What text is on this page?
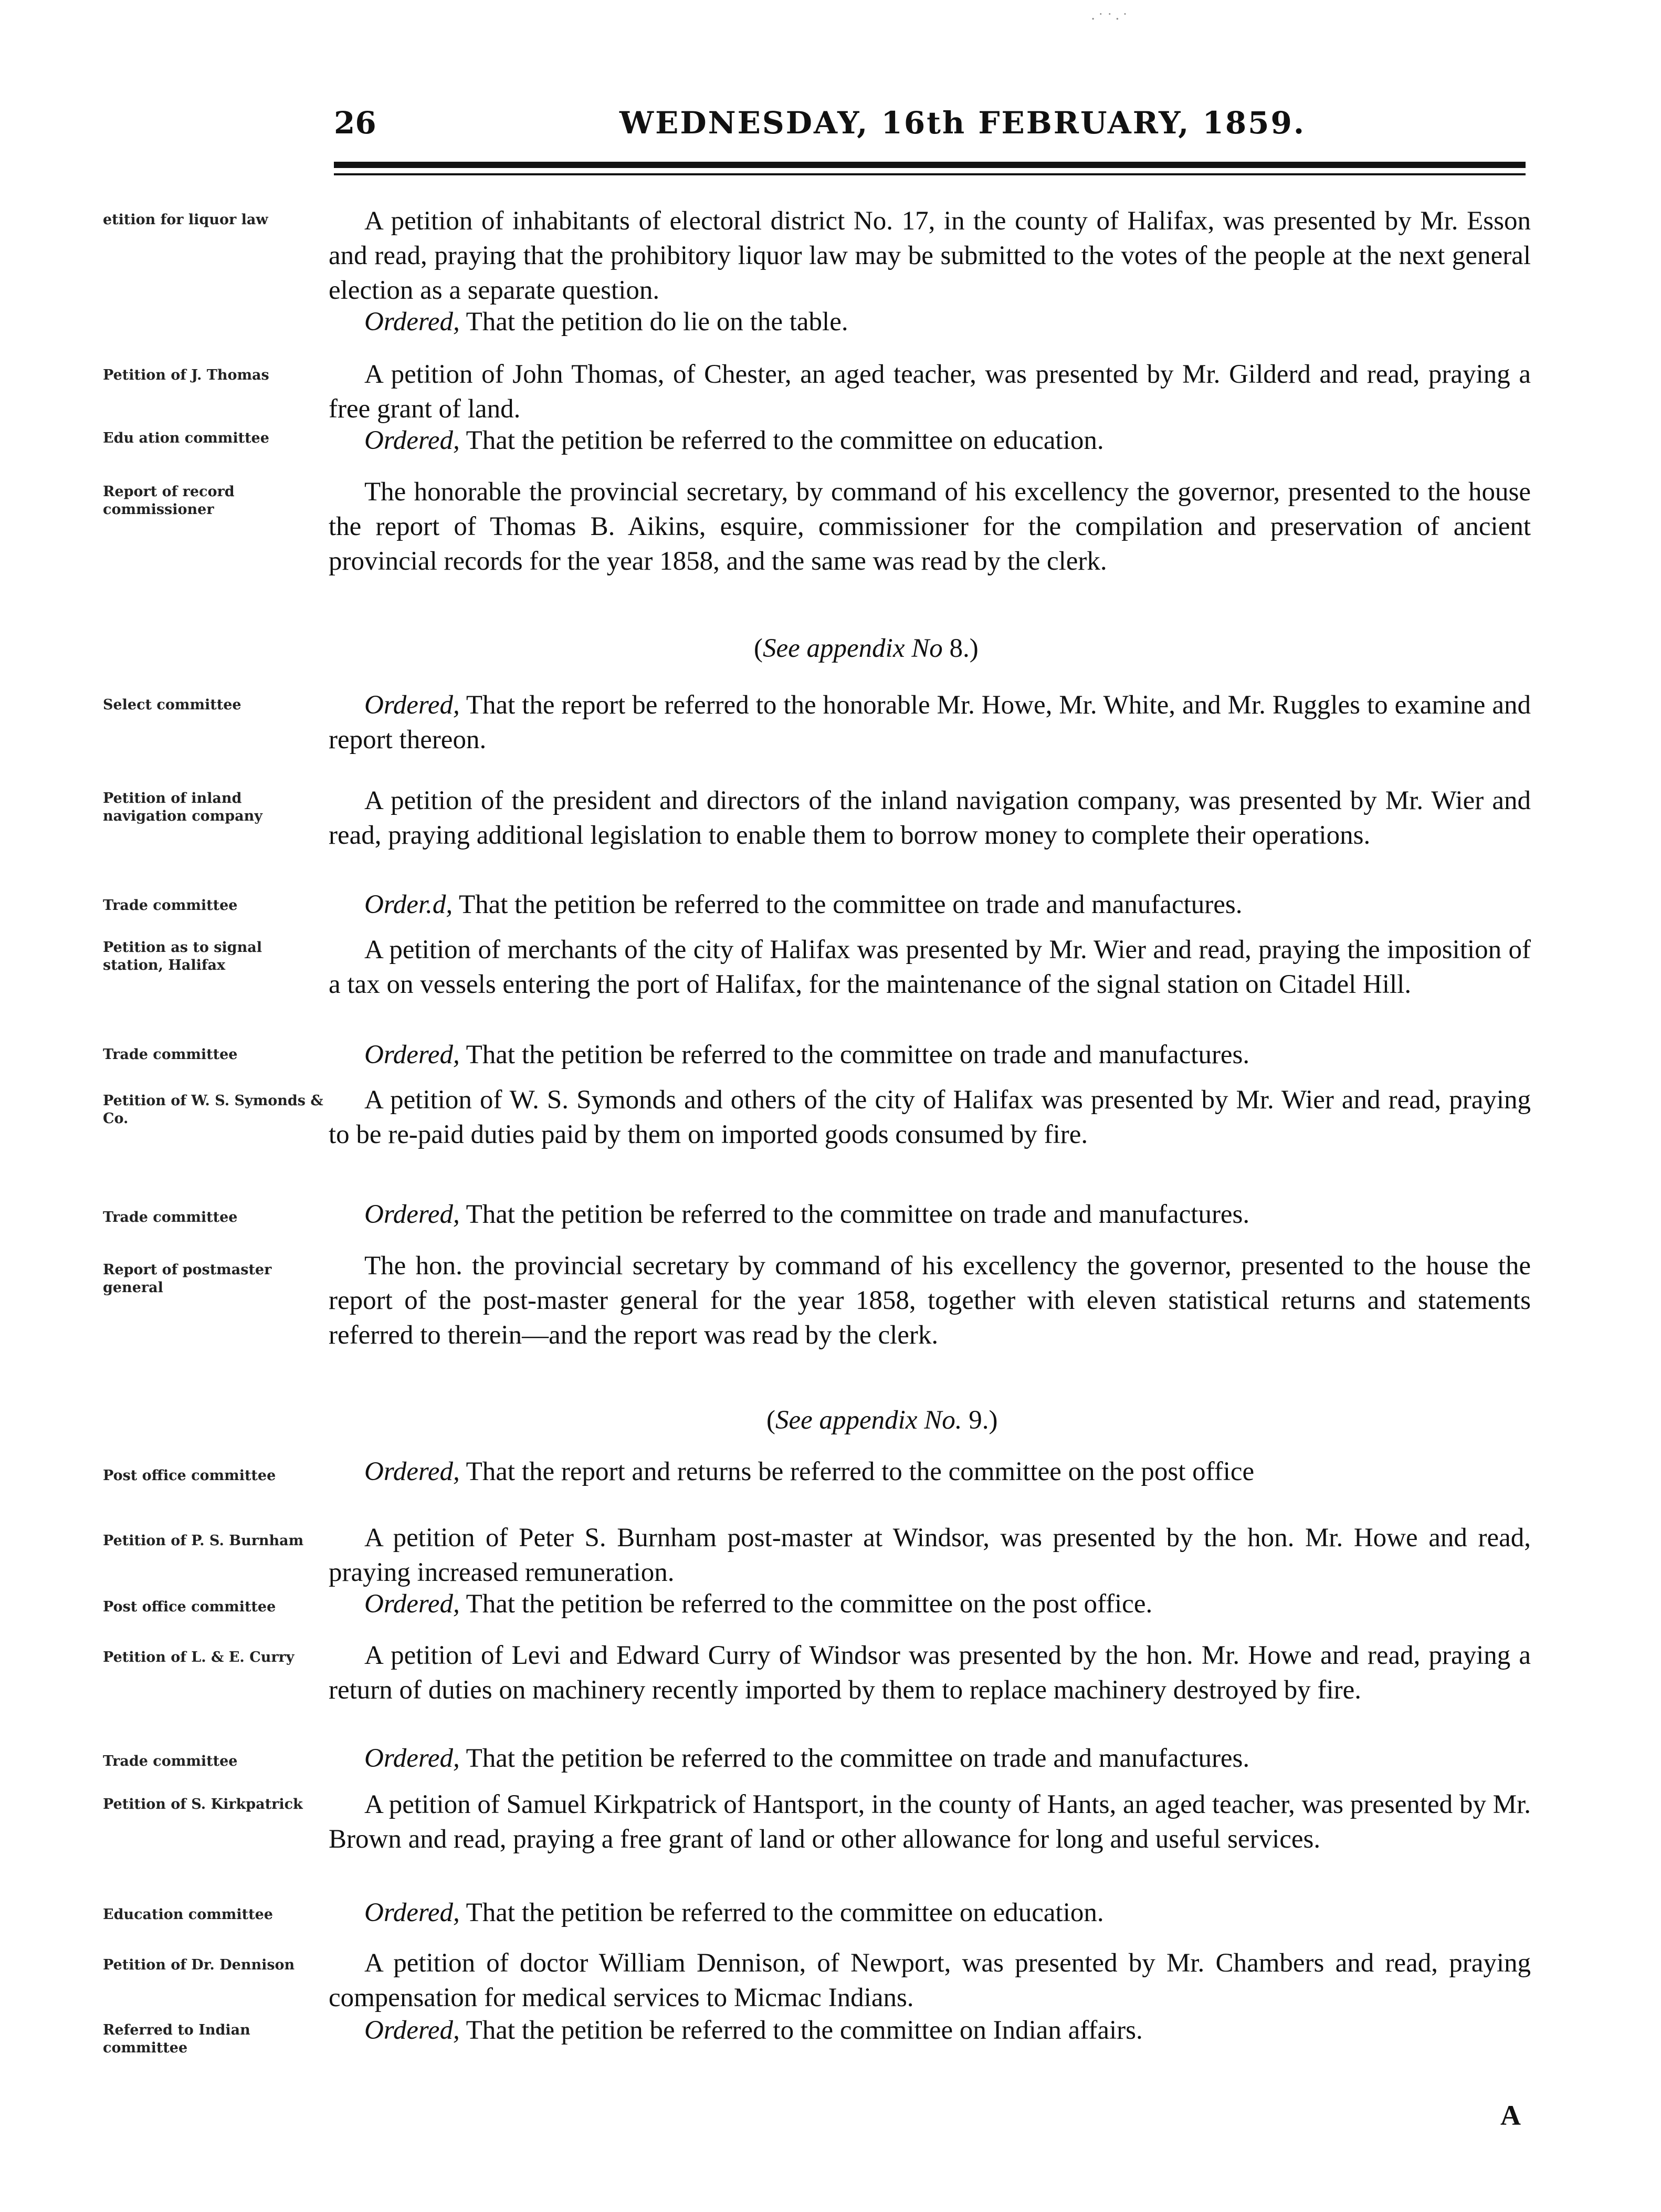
·˙˙·˙
26	WEDNESDAY, 16th FEBRUARY, 1859.
etition for liquor law	A petition of inhabitants of electoral district No. 17, in the county of Halifax, was presented by Mr. Esson and read, praying that the prohibitory liquor law may be submitted to the votes of the people at the next general election as a separate question.
Ordered, That the petition do lie on the table.
Petition of J. Thomas	A petition of John Thomas, of Chester, an aged teacher, was presented by Mr. Gilderd and read, praying a free grant of land.
Edu ation committee	Ordered, That the petition be referred to the committee on education.
Report of record commissioner
The honorable the provincial secretary, by command of his excellency the governor, presented to the house the report of Thomas B. Aikins, esquire, commissioner for the compilation and preservation of ancient provincial records for the year 1858, and the same was read by the clerk.
(See appendix No 8.)
Select committee	Ordered, That the report be referred to the honorable Mr. Howe, Mr. White, and Mr. Ruggles to examine and report thereon.
Petition of inland navigation company
A petition of the president and directors of the inland navigation company, was presented by Mr. Wier and read, praying additional legislation to enable them to borrow money to complete their operations.
Trade committee	Order.d, That the petition be referred to the committee on trade and manufactures.
Petition as to signal station, Halifax
A petition of merchants of the city of Halifax was presented by Mr. Wier and read, praying the imposition of a tax on vessels entering the port of Halifax, for the maintenance of the signal station on Citadel Hill.
Trade committee	Ordered, That the petition be referred to the committee on trade and manufactures.
Petition of W. S. Symonds & Co.
A petition of W. S. Symonds and others of the city of Halifax was presented by Mr. Wier and read, praying to be re-paid duties paid by them on imported goods consumed by fire.
Trade committee	Ordered, That the petition be referred to the committee on trade and manufactures.
Report of postmaster general
The hon. the provincial secretary by command of his excellency the governor, presented to the house the report of the post-master general for the year 1858, together with eleven statistical returns and statements referred to therein—and the report was read by the clerk.
(See appendix No. 9.)
Post office committee	Ordered, That the report and returns be referred to the committee on the post office
Petition of P. S. Burnham	A petition of Peter S. Burnham post-master at Windsor, was presented by the hon. Mr. Howe and read, praying increased remuneration.
Post office committee	Ordered, That the petition be referred to the committee on the post office.
Petition of L. & E. Curry	A petition of Levi and Edward Curry of Windsor was presented by the hon. Mr. Howe and read, praying a return of duties on machinery recently imported by them to replace machinery destroyed by fire.
Trade committee	Ordered, That the petition be referred to the committee on trade and manufactures.
Petition of S. Kirkpatrick	A petition of Samuel Kirkpatrick of Hantsport, in the county of Hants, an aged teacher, was presented by Mr. Brown and read, praying a free grant of land or other allowance for long and useful services.
Education committee	Ordered, That the petition be referred to the committee on education.
Petition of Dr. Dennison	A petition of doctor William Dennison, of Newport, was presented by Mr. Chambers and read, praying compensation for medical services to Micmac Indians.
Referred to Indian committee
Ordered, That the petition be referred to the committee on Indian affairs.
A
